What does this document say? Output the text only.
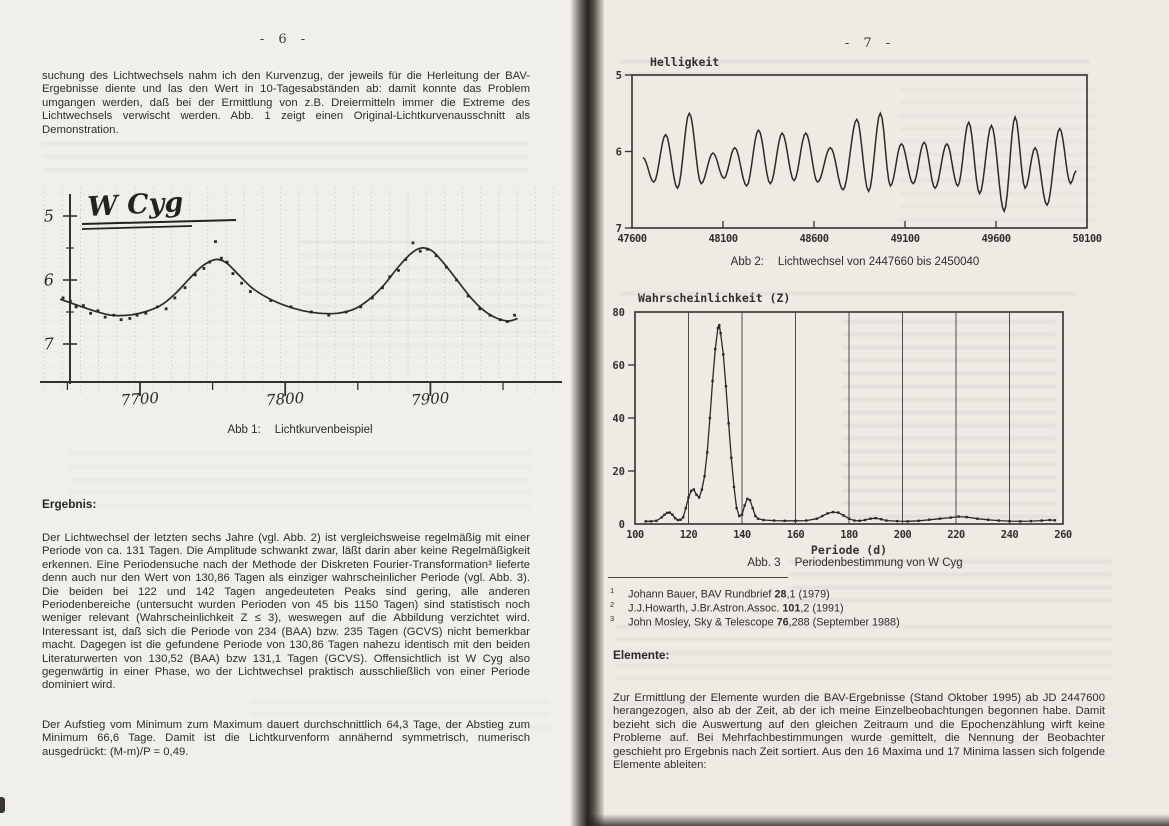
- 6 -
suchung des Lichtwechsels nahm ich den Kurvenzug, der jeweils für die Herleitung der BAV-Ergebnisse diente und las den Wert in 10-Tagesabständen ab: damit konnte das Problem umgangen werden, daß bei der Ermittlung von z.B. Dreiermitteln immer die Extreme des Lichtwechsels verwischt werden. Abb. 1 zeigt einen Original-Lichtkurvenausschnitt als Demonstration.
5
6
7
7700	7800	7900
W Cyg
Abb 1: Lichtkurvenbeispiel
Ergebnis:
Der Lichtwechsel der letzten sechs Jahre (vgl. Abb. 2) ist vergleichsweise regelmäßig mit einer Periode von ca. 131 Tagen. Die Amplitude schwankt zwar, läßt darin aber keine Regelmäßigkeit erkennen. Eine Periodensuche nach der Methode der Diskreten Fourier-Transformation³ lieferte denn auch nur den Wert von 130,86 Tagen als einziger wahrscheinlicher Periode (vgl. Abb. 3). Die beiden bei 122 und 142 Tagen angedeuteten Peaks sind gering, alle anderen Periodenbereiche (untersucht wurden Perioden von 45 bis 1150 Tagen) sind statistisch noch weniger relevant (Wahrscheinlichkeit Z ≤ 3), weswegen auf die Abbildung verzichtet wird. Interessant ist, daß sich die Periode von 234 (BAA) bzw. 235 Tagen (GCVS) nicht bemerkbar macht. Dagegen ist die gefundene Periode von 130,86 Tagen nahezu identisch mit den beiden Literaturwerten von 130,52 (BAA) bzw 131,1 Tagen (GCVS). Offensichtlich ist W Cyg also gegenwärtig in einer Phase, wo der Lichtwechsel praktisch ausschließlich von einer Periode dominiert wird.
Der Aufstieg vom Minimum zum Maximum dauert durchschnittlich 64,3 Tage, der Abstieg zum Minimum 66,6 Tage. Damit ist die Lichtkurvenform annähernd symmetrisch, numerisch ausgedrückt: (M-m)/P = 0,49.
- 7 -
Helligkeit
5
6
7
47600	48100	48600	49100	49600	50100
Abb 2: Lichtwechsel von 2447660 bis 2450040
Wahrscheinlichkeit (Z)
0
20
40
60
80
100	120	140	160	180	200	220	240	260
Periode (d)
Abb. 3 Periodenbestimmung von W Cyg
$^1$ Johann Bauer, BAV Rundbrief 28,1 (1979)
$^2$ J.J.Howarth, J.Br.Astron.Assoc. 101,2 (1991)
$^3$ John Mosley, Sky & Telescope 76,288 (September 1988)
Elemente:
Zur Ermittlung der Elemente wurden die BAV-Ergebnisse (Stand Oktober 1995) ab JD 2447600 herangezogen, also ab der Zeit, ab der ich meine Einzelbeobachtungen begonnen habe. Damit bezieht sich die Auswertung auf den gleichen Zeitraum und die Epochenzählung wirft keine Probleme auf. Bei Mehrfachbestimmungen wurde gemittelt, die Nennung der Beobachter geschieht pro Ergebnis nach Zeit sortiert. Aus den 16 Maxima und 17 Minima lassen sich folgende Elemente ableiten:
